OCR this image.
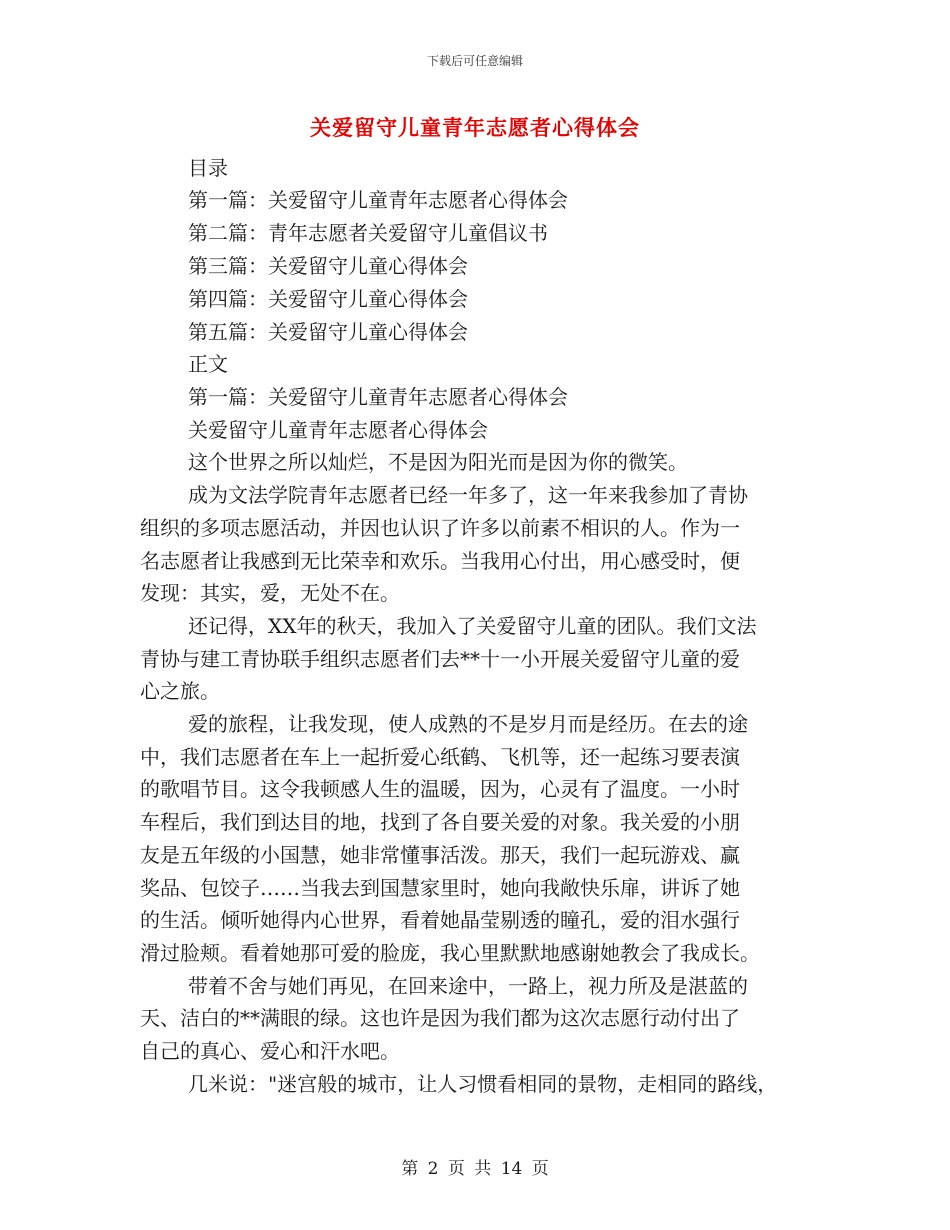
下载后可任意编辑
关爱留守儿童青年志愿者心得体会
目录
第一篇：关爱留守儿童青年志愿者心得体会
第二篇：青年志愿者关爱留守儿童倡议书
第三篇：关爱留守儿童心得体会
第四篇：关爱留守儿童心得体会
第五篇：关爱留守儿童心得体会
正文
第一篇：关爱留守儿童青年志愿者心得体会
关爱留守儿童青年志愿者心得体会
这个世界之所以灿烂，不是因为阳光而是因为你的微笑。
成为文法学院青年志愿者已经一年多了，这一年来我参加了青协
组织的多项志愿活动，并因也认识了许多以前素不相识的人。作为一
名志愿者让我感到无比荣幸和欢乐。当我用心付出，用心感受时，便
发现：其实，爱，无处不在。
还记得，XX年的秋天，我加入了关爱留守儿童的团队。我们文法
青协与建工青协联手组织志愿者们去**十一小开展关爱留守儿童的爱
心之旅。
爱的旅程，让我发现，使人成熟的不是岁月而是经历。在去的途
中，我们志愿者在车上一起折爱心纸鹤、飞机等，还一起练习要表演
的歌唱节目。这令我顿感人生的温暖，因为，心灵有了温度。一小时
车程后，我们到达目的地，找到了各自要关爱的对象。我关爱的小朋
友是五年级的小国慧，她非常懂事活泼。那天，我们一起玩游戏、赢
奖品、包饺子……当我去到国慧家里时，她向我敞快乐扉，讲诉了她
的生活。倾听她得内心世界，看着她晶莹剔透的瞳孔，爱的泪水强行
滑过脸颊。看着她那可爱的脸庞，我心里默默地感谢她教会了我成长。
带着不舍与她们再见，在回来途中，一路上，视力所及是湛蓝的
天、洁白的**满眼的绿。这也许是因为我们都为这次志愿行动付出了
自己的真心、爱心和汗水吧。
几米说："迷宫般的城市，让人习惯看相同的景物，走相同的路线，
第 2 页 共 14 页
